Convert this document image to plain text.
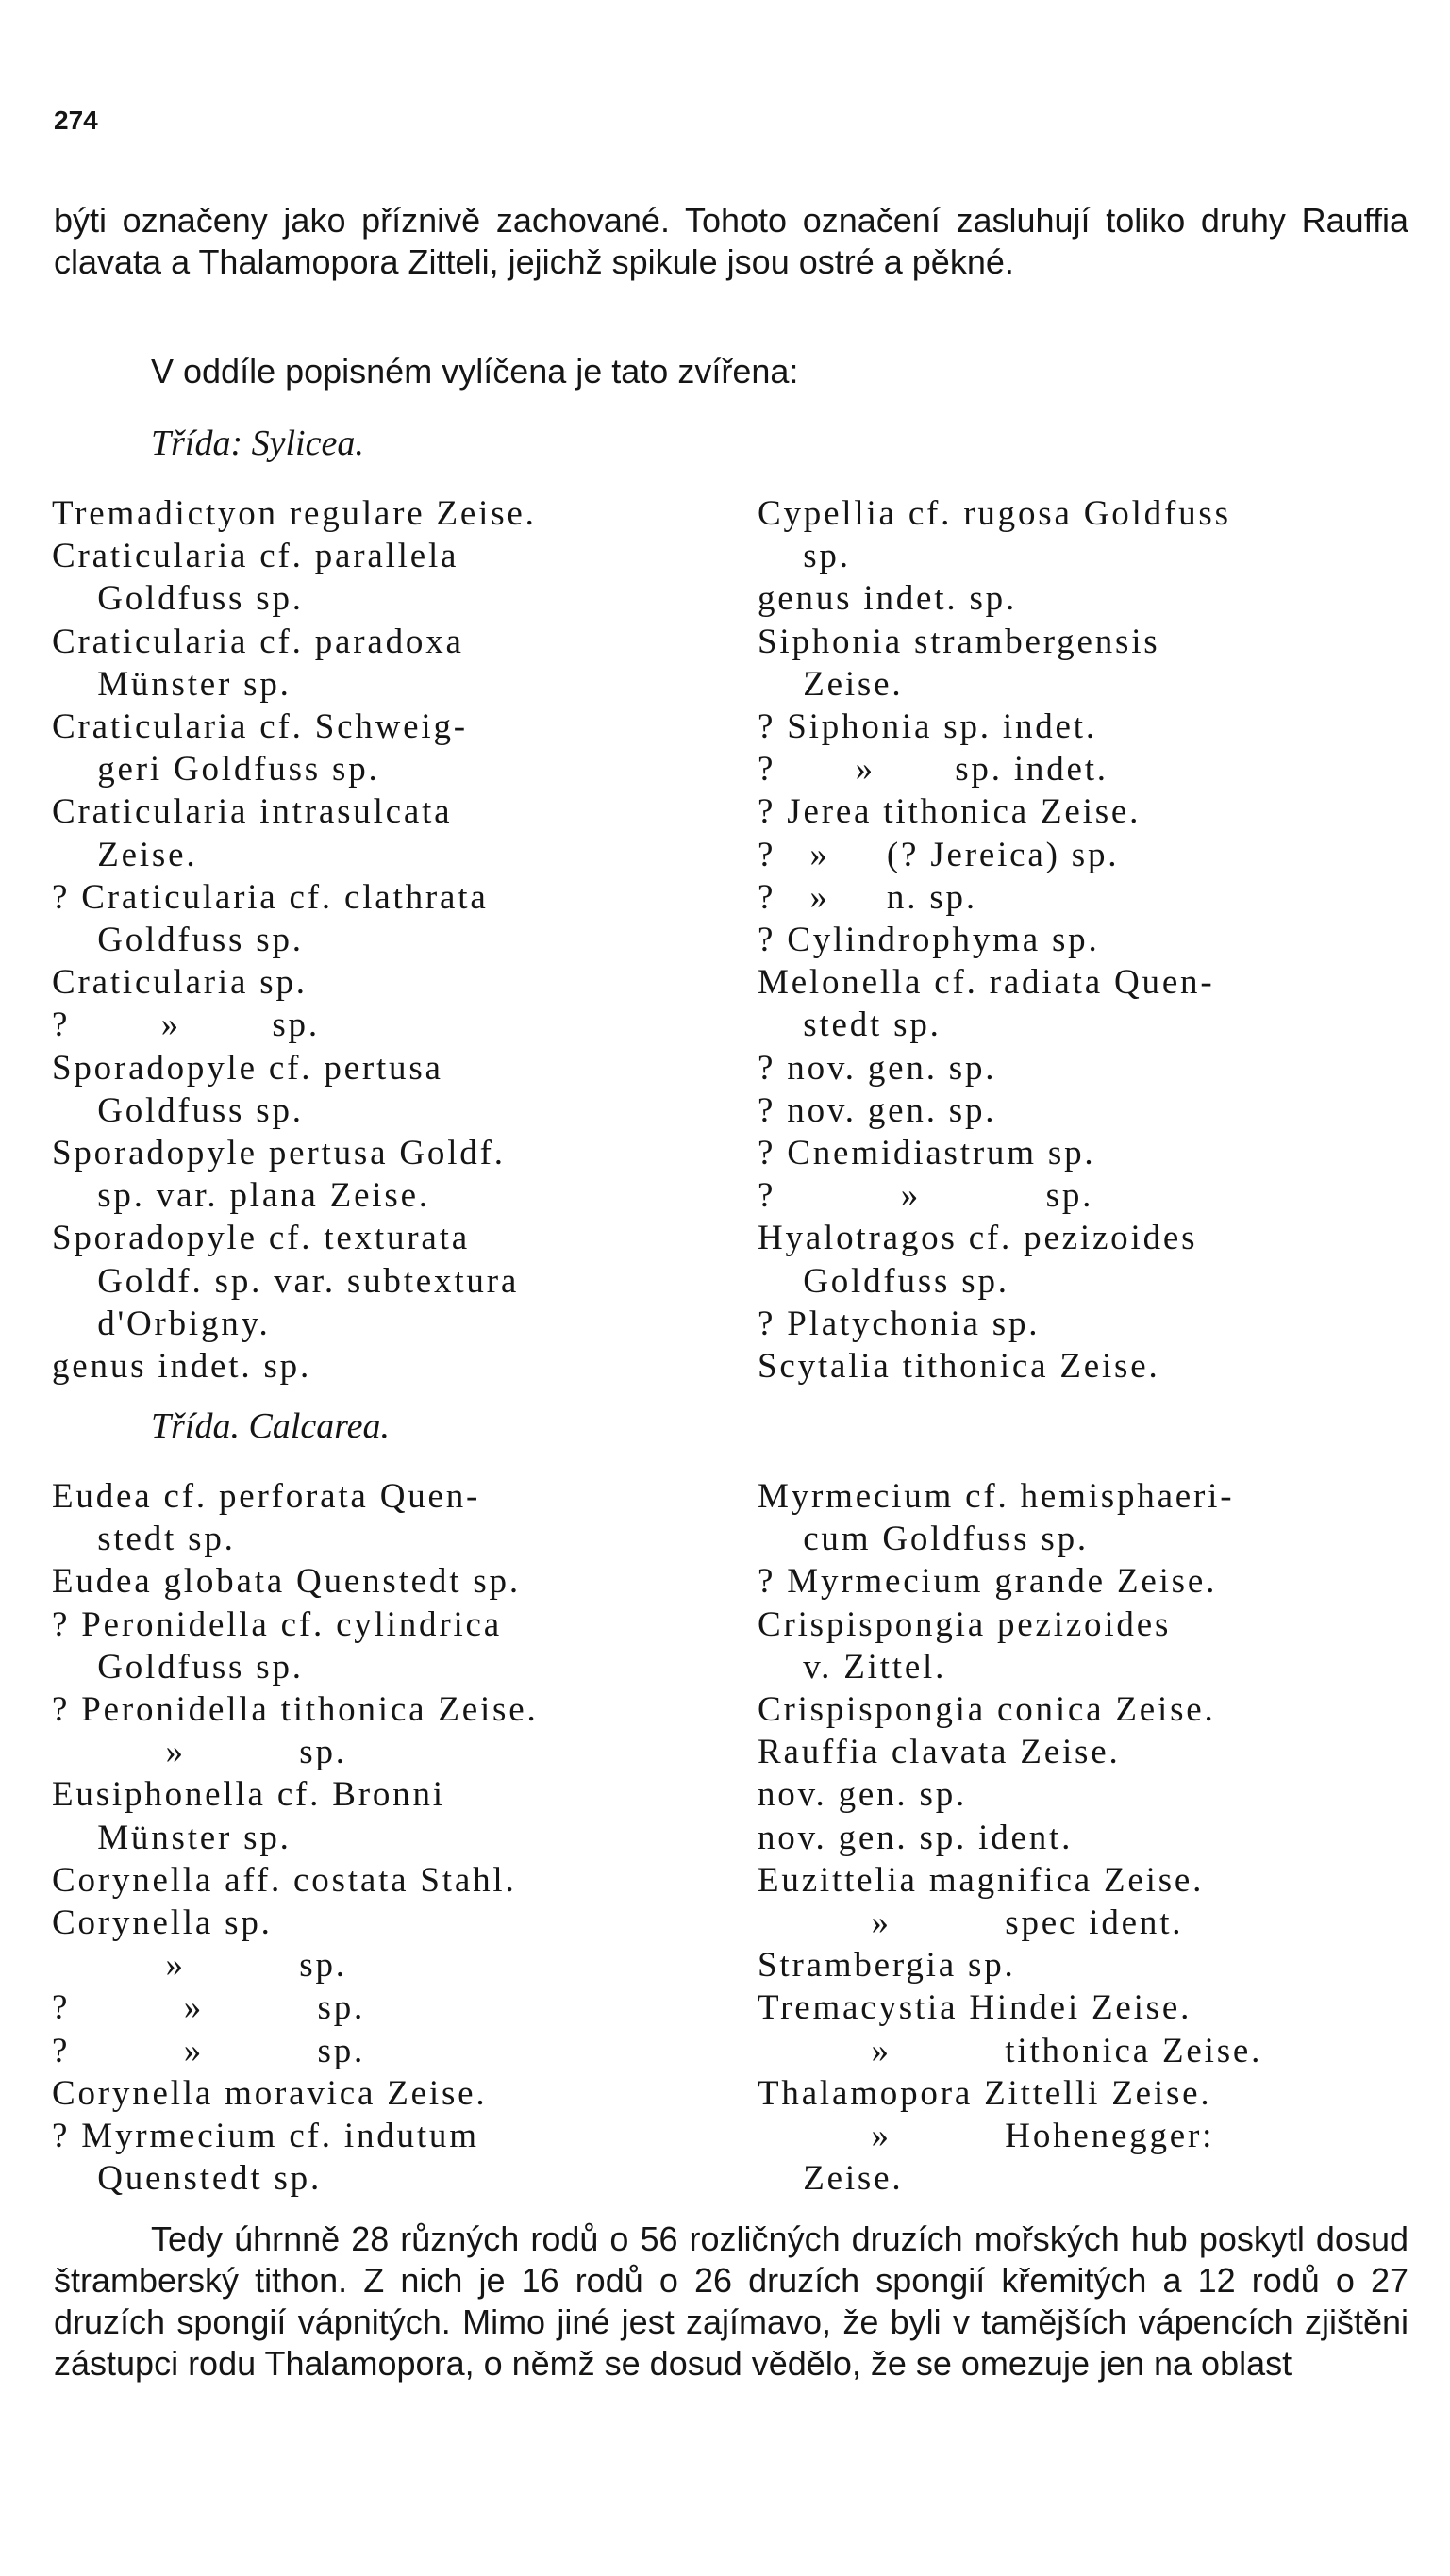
274

býti označeny jako příznivě zachované. Tohoto označení zasluhují toliko druhy Rauffia clavata a Thalamopora Zitteli, jejichž spikule jsou ostré a pěkné.

V oddíle popisném vylíčena je tato zvířena:

Třída: Sylicea.
Tremadictyon regulare Zeise.
Craticularia cf. parallela
Goldfuss sp.
Craticularia cf. paradoxa
Münster sp.
Craticularia cf. Schweig-
geri Goldfuss sp.
Craticularia intrasulcata
Zeise.
? Craticularia cf. clathrata
Goldfuss sp.
Craticularia sp.
?        »        sp.
Sporadopyle cf. pertusa
Goldfuss sp.
Sporadopyle pertusa Goldf.
sp. var. plana Zeise.
Sporadopyle cf. texturata
Goldf. sp. var. subtextura
d'Orbigny.
genus indet. sp.
Cypellia cf. rugosa Goldfuss
sp.
genus indet. sp.
Siphonia strambergensis
Zeise.
? Siphonia sp. indet.
?       »       sp. indet.
? Jerea tithonica Zeise.
?   »     (? Jereica) sp.
?   »     n. sp.
? Cylindrophyma sp.
Melonella cf. radiata Quen-
stedt sp.
? nov. gen. sp.
? nov. gen. sp.
? Cnemidiastrum sp.
?           »           sp.
Hyalotragos cf. pezizoides
Goldfuss sp.
? Platychonia sp.
Scytalia tithonica Zeise.
Třída. Calcarea.
Eudea cf. perforata Quen-
stedt sp.
Eudea globata Quenstedt sp.
? Peronidella cf. cylindrica
Goldfuss sp.
? Peronidella tithonica Zeise.
»          sp.
Eusiphonella cf. Bronni
Münster sp.
Corynella aff. costata Stahl.
Corynella sp.
»          sp.
?          »          sp.
?          »          sp.
Corynella moravica Zeise.
? Myrmecium cf. indutum
Quenstedt sp.
Myrmecium cf. hemisphaeri-
cum Goldfuss sp.
? Myrmecium grande Zeise.
Crispispongia pezizoides
v. Zittel.
Crispispongia conica Zeise.
Rauffia clavata Zeise.
nov. gen. sp.
nov. gen. sp. ident.
Euzittelia magnifica Zeise.
»          spec ident.
Strambergia sp.
Tremacystia Hindei Zeise.
»          tithonica Zeise.
Thalamopora Zittelli Zeise.
»          Hohenegger:
Zeise.

Tedy úhrnně 28 různých rodů o 56 rozličných druzích mořských hub poskytl dosud štramberský tithon. Z nich je 16 rodů o 26 druzích spongií křemitých a 12 rodů o 27 druzích spongií vápnitých. Mimo jiné jest zajímavo, že byli v tamějších vápencích zjištěni zástupci rodu Thalamopora, o němž se dosud vědělo, že se omezuje jen na oblast
